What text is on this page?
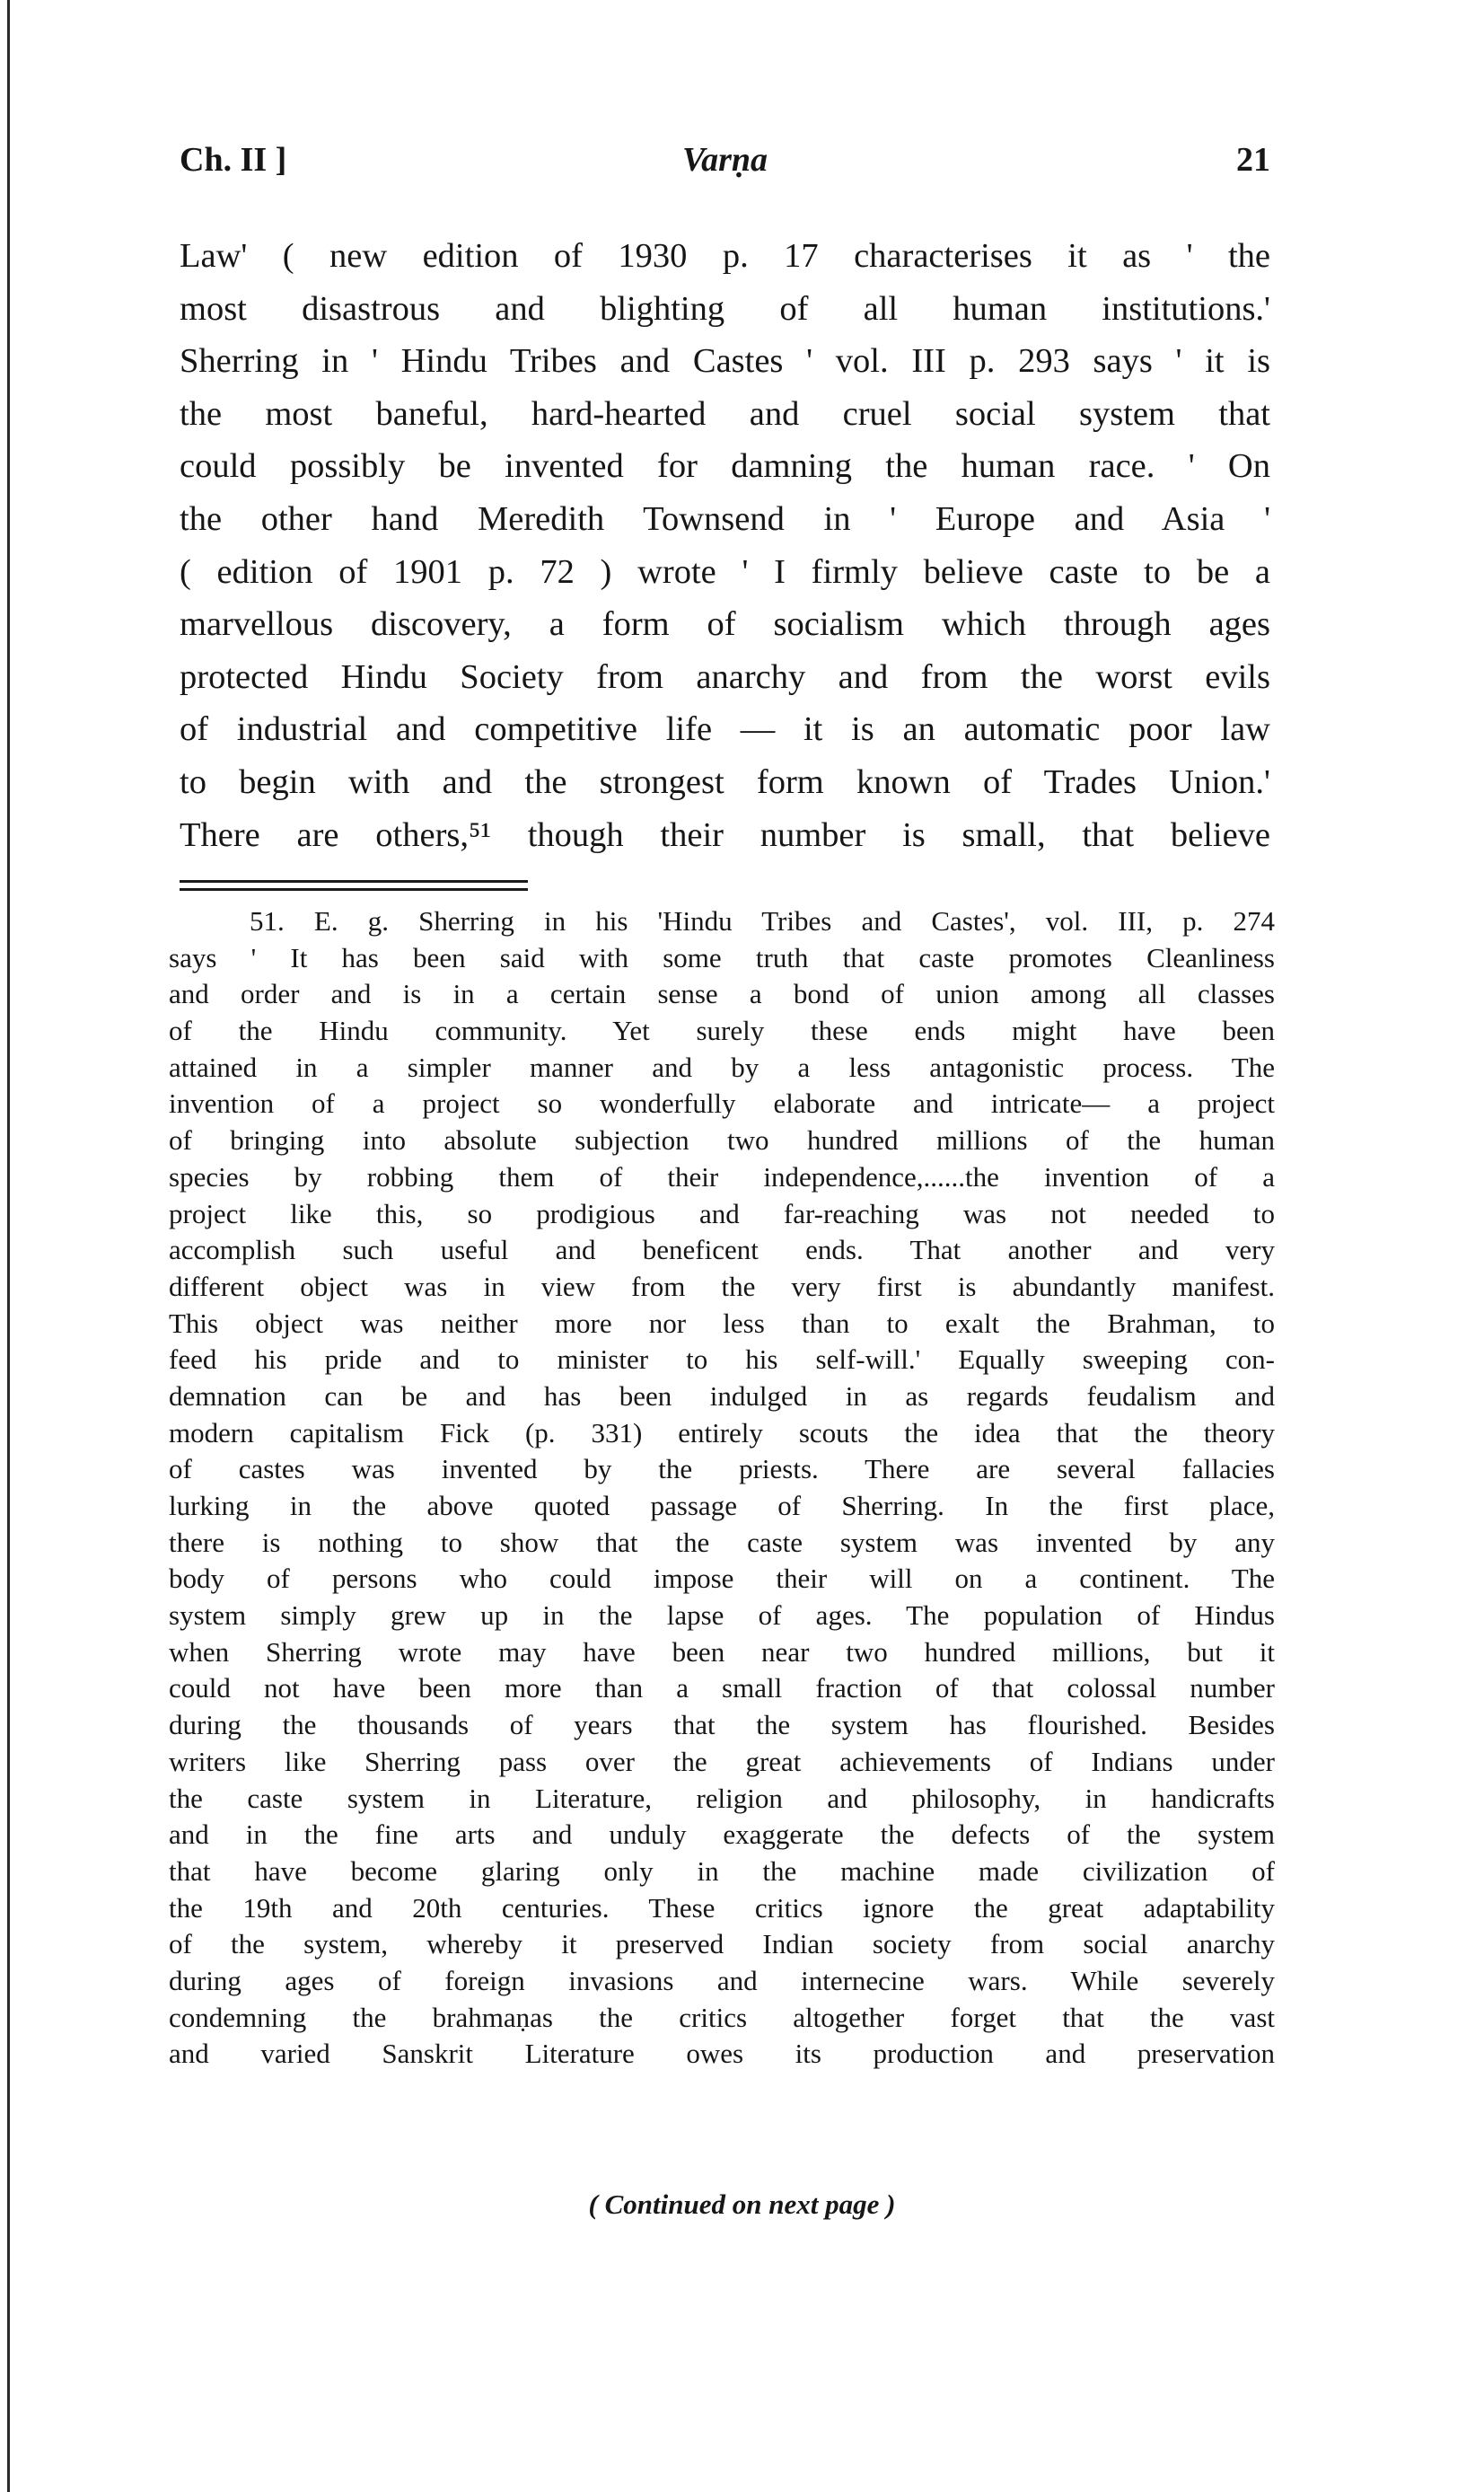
Ch. II ]	Varṇa	21
Law' ( new edition of 1930 p. 17 characterises it as ' the
most disastrous and blighting of all human institutions.'
Sherring in ' Hindu Tribes and Castes ' vol. III p. 293 says ' it is
the most baneful, hard-hearted and cruel social system that
could possibly be invented for damning the human race. ' On
the other hand Meredith Townsend in ' Europe and Asia '
( edition of 1901 p. 72 ) wrote ' I firmly believe caste to be a
marvellous discovery, a form of socialism which through ages
protected Hindu Society from anarchy and from the worst evils
of industrial and competitive life — it is an automatic poor law
to begin with and the strongest form known of Trades Union.'
There are others,⁵¹ though their number is small, that believe
51. E. g. Sherring in his 'Hindu Tribes and Castes', vol. III, p. 274
says ' It has been said with some truth that caste promotes Cleanliness
and order and is in a certain sense a bond of union among all classes
of the Hindu community. Yet surely these ends might have been
attained in a simpler manner and by a less antagonistic process. The
invention of a project so wonderfully elaborate and intricate— a project
of bringing into absolute subjection two hundred millions of the human
species by robbing them of their independence,......the invention of a
project like this, so prodigious and far-reaching was not needed to
accomplish such useful and beneficent ends. That another and very
different object was in view from the very first is abundantly manifest.
This object was neither more nor less than to exalt the Brahman, to
feed his pride and to minister to his self-will.' Equally sweeping con-
demnation can be and has been indulged in as regards feudalism and
modern capitalism Fick (p. 331) entirely scouts the idea that the theory
of castes was invented by the priests. There are several fallacies
lurking in the above quoted passage of Sherring. In the first place,
there is nothing to show that the caste system was invented by any
body of persons who could impose their will on a continent. The
system simply grew up in the lapse of ages. The population of Hindus
when Sherring wrote may have been near two hundred millions, but it
could not have been more than a small fraction of that colossal number
during the thousands of years that the system has flourished. Besides
writers like Sherring pass over the great achievements of Indians under
the caste system in Literature, religion and philosophy, in handicrafts
and in the fine arts and unduly exaggerate the defects of the system
that have become glaring only in the machine made civilization of
the 19th and 20th centuries. These critics ignore the great adaptability
of the system, whereby it preserved Indian society from social anarchy
during ages of foreign invasions and internecine wars. While severely
condemning the brahmaṇas the critics altogether forget that the vast
and varied Sanskrit Literature owes its production and preservation
( Continued on next page )
